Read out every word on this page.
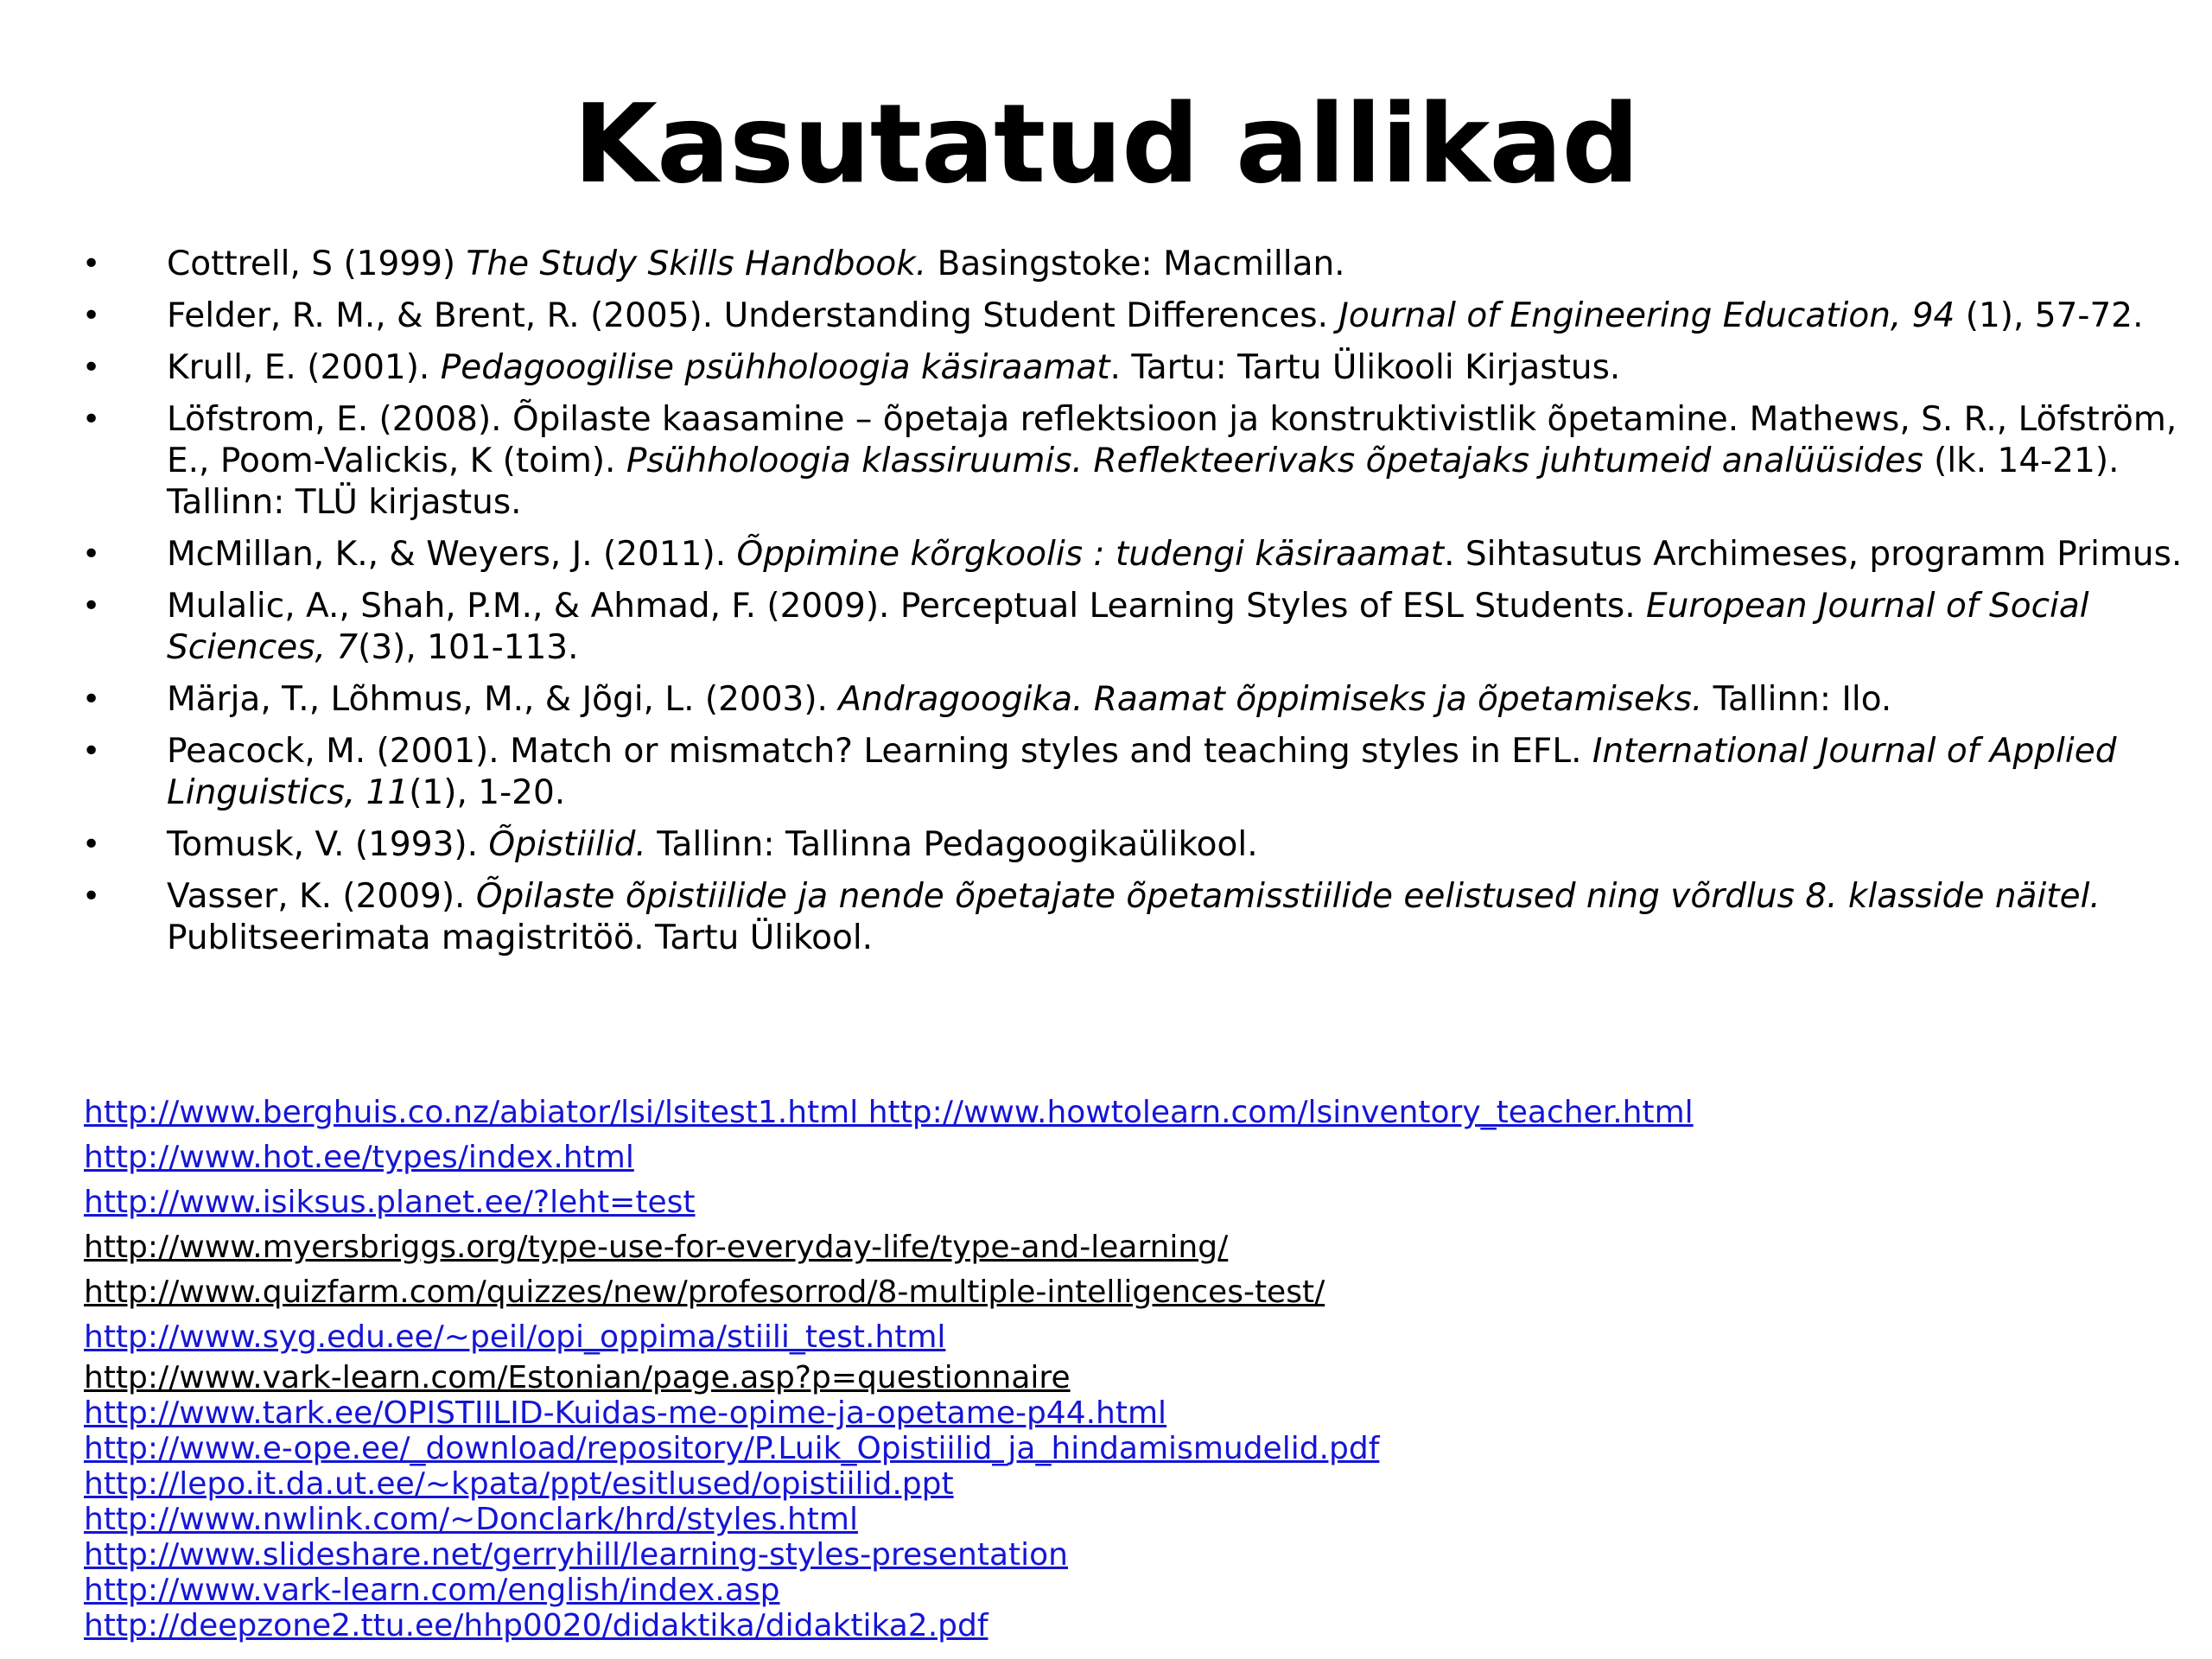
Kasutatud allikad
• Cottrell, S (1999) The Study Skills Handbook. Basingstoke: Macmillan.
• Felder, R. M., & Brent, R. (2005). Understanding Student Differences. Journal of Engineering Education, 94 (1), 57-72.
• Krull, E. (2001). Pedagoogilise psühholoogia käsiraamat. Tartu: Tartu Ülikooli Kirjastus.
• Löfstrom, E. (2008). Õpilaste kaasamine – õpetaja reflektsioon ja konstruktivistlik õpetamine. Mathews, S. R., Löfström, E., Poom-Valickis, K (toim). Psühholoogia klassiruumis. Reflekteerivaks õpetajaks juhtumeid analüüsides (lk. 14-21). Tallinn: TLÜ kirjastus.
• McMillan, K., & Weyers, J. (2011). Õppimine kõrgkoolis : tudengi käsiraamat. Sihtasutus Archimeses, programm Primus.
• Mulalic, A., Shah, P.M., & Ahmad, F. (2009). Perceptual Learning Styles of ESL Students. European Journal of Social Sciences, 7(3), 101-113.
• Märja, T., Lõhmus, M., & Jõgi, L. (2003). Andragoogika. Raamat õppimiseks ja õpetamiseks. Tallinn: Ilo.
• Peacock, M. (2001). Match or mismatch? Learning styles and teaching styles in EFL. International Journal of Applied Linguistics, 11(1), 1-20.
• Tomusk, V. (1993). Õpistiilid. Tallinn: Tallinna Pedagoogikaülikool.
• Vasser, K. (2009). Õpilaste õpistiilide ja nende õpetajate õpetamisstiilide eelistused ning võrdlus 8. klasside näitel. Publitseerimata magistritöö. Tartu Ülikool.
http://www.berghuis.co.nz/abiator/lsi/lsitest1.html http://www.howtolearn.com/lsinventory_teacher.html
http://www.hot.ee/types/index.html
http://www.isiksus.planet.ee/?leht=test
http://www.myersbriggs.org/type-use-for-everyday-life/type-and-learning/
http://www.quizfarm.com/quizzes/new/profesorrod/8-multiple-intelligences-test/
http://www.syg.edu.ee/~peil/opi_oppima/stiili_test.html
http://www.vark-learn.com/Estonian/page.asp?p=questionnaire
http://www.tark.ee/OPISTIILID-Kuidas-me-opime-ja-opetame-p44.html
http://www.e-ope.ee/_download/repository/P.Luik_Opistiilid_ja_hindamismudelid.pdf
http://lepo.it.da.ut.ee/~kpata/ppt/esitlused/opistiilid.ppt
http://www.nwlink.com/~Donclark/hrd/styles.html
http://www.slideshare.net/gerryhill/learning-styles-presentation
http://www.vark-learn.com/english/index.asp
http://deepzone2.ttu.ee/hhp0020/didaktika/didaktika2.pdf
